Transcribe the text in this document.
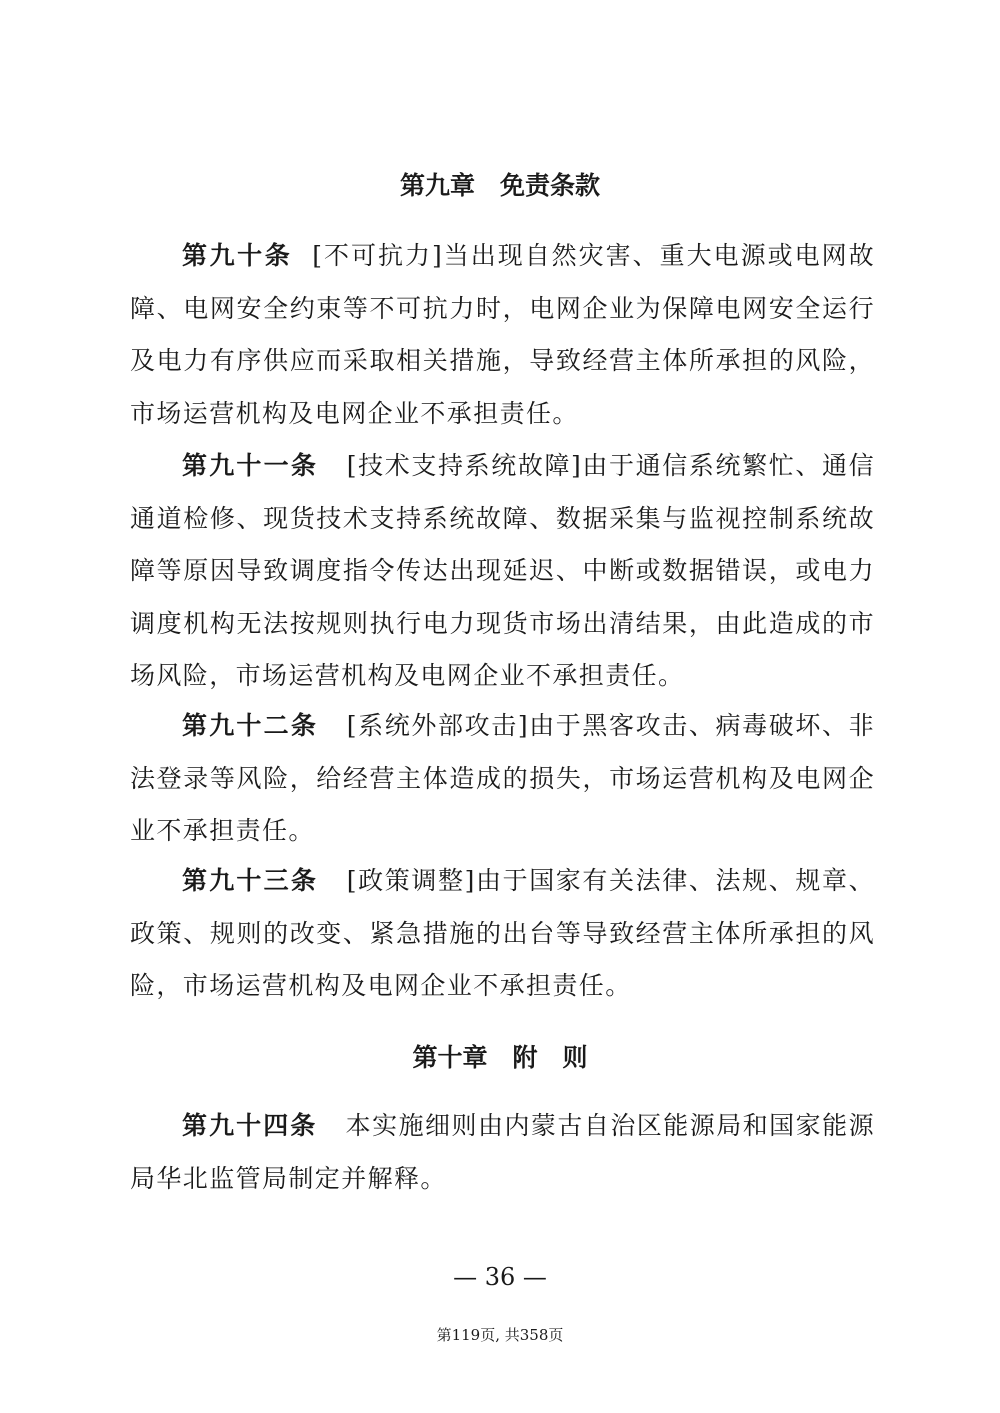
第九章　免责条款

第九十条 [不可抗力]当出现自然灾害、重大电源或电网故障、电网安全约束等不可抗力时，电网企业为保障电网安全运行及电力有序供应而采取相关措施，导致经营主体所承担的风险，市场运营机构及电网企业不承担责任。

第九十一条 [技术支持系统故障]由于通信系统繁忙、通信通道检修、现货技术支持系统故障、数据采集与监视控制系统故障等原因导致调度指令传达出现延迟、中断或数据错误，或电力调度机构无法按规则执行电力现货市场出清结果，由此造成的市场风险，市场运营机构及电网企业不承担责任。

第九十二条 [系统外部攻击]由于黑客攻击、病毒破坏、非法登录等风险，给经营主体造成的损失，市场运营机构及电网企业不承担责任。

第九十三条 [政策调整]由于国家有关法律、法规、规章、政策、规则的改变、紧急措施的出台等导致经营主体所承担的风险，市场运营机构及电网企业不承担责任。

第十章　附　则

第九十四条 本实施细则由内蒙古自治区能源局和国家能源局华北监管局制定并解释。

— 36 —

第119页, 共358页
